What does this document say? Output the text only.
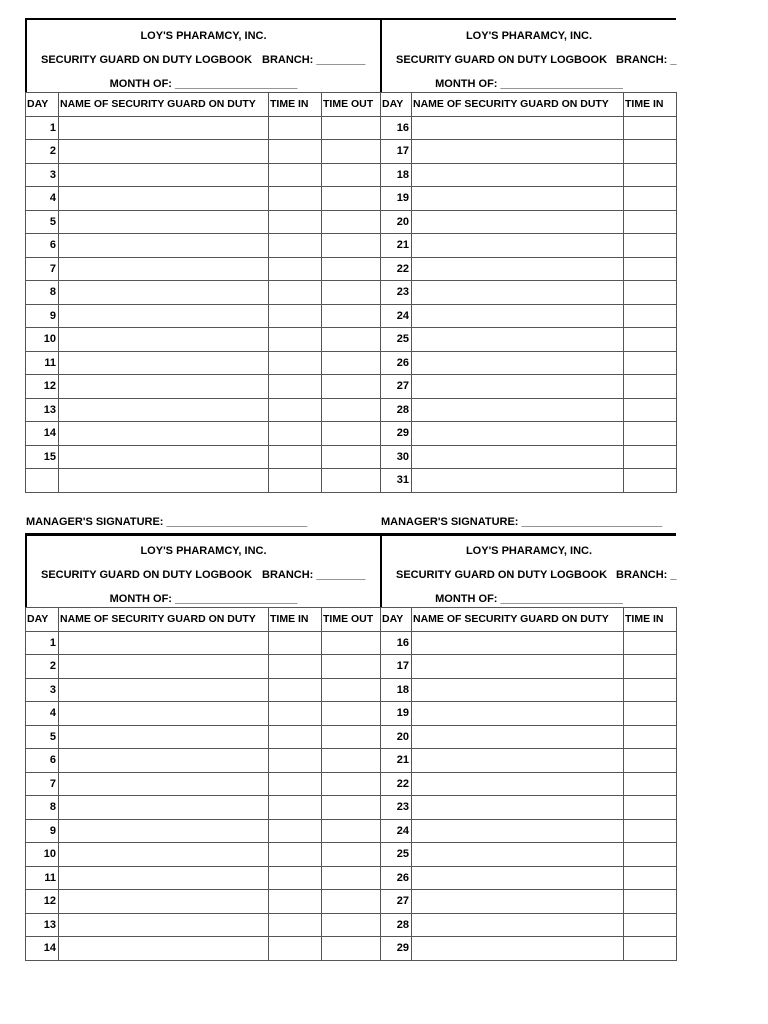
LOY'S PHARAMCY, INC.
SECURITY GUARD ON DUTY LOGBOOK BRANCH: ________
MONTH OF: ____________________
LOY'S PHARAMCY, INC.
SECURITY GUARD ON DUTY LOGBOOK BRANCH: _
MONTH OF: ____________________
DAY	NAME OF SECURITY GUARD ON DUTY	TIME IN	TIME OUT	DAY	NAME OF SECURITY GUARD ON DUTY	TIME IN
1				16		
2				17		
3				18		
4				19		
5				20		
6				21		
7				22		
8				23		
9				24		
10				25		
11				26		
12				27		
13				28		
14				29		
15				30		
				31		
MANAGER'S SIGNATURE: _______________________	MANAGER'S SIGNATURE: _______________________
LOY'S PHARAMCY, INC.
SECURITY GUARD ON DUTY LOGBOOK BRANCH: ________
MONTH OF: ____________________
LOY'S PHARAMCY, INC.
SECURITY GUARD ON DUTY LOGBOOK BRANCH: _
MONTH OF: ____________________
DAY	NAME OF SECURITY GUARD ON DUTY	TIME IN	TIME OUT	DAY	NAME OF SECURITY GUARD ON DUTY	TIME IN
1				16		
2				17		
3				18		
4				19		
5				20		
6				21		
7				22		
8				23		
9				24		
10				25		
11				26		
12				27		
13				28		
14				29		
